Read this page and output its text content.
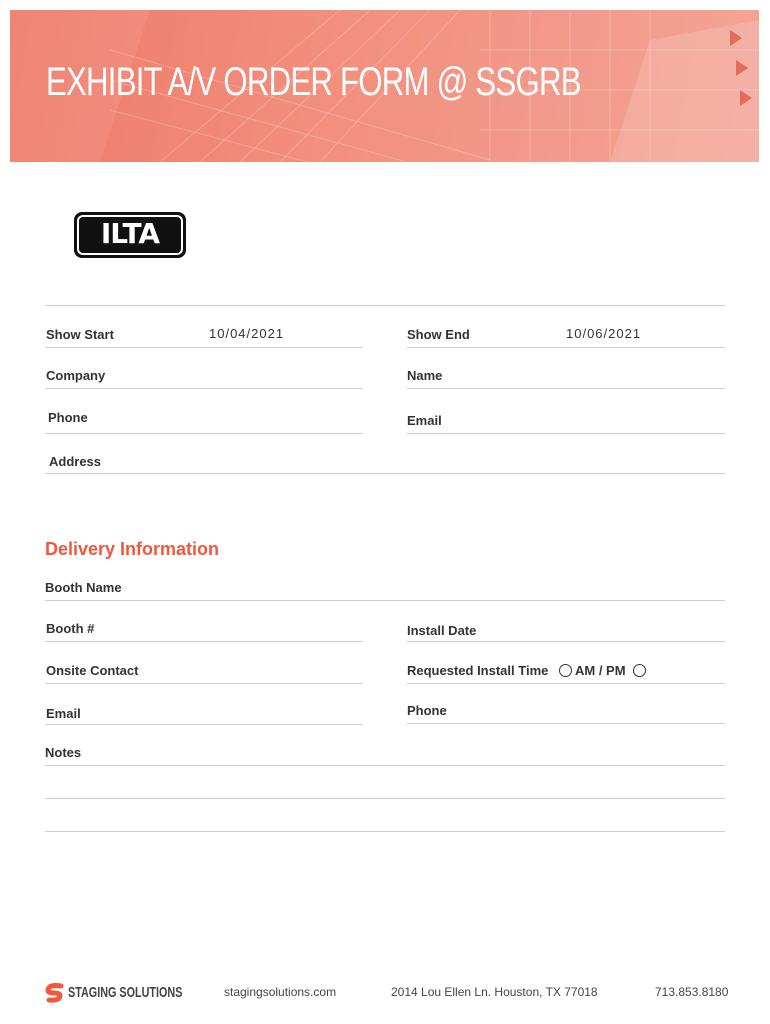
EXHIBIT A/V ORDER FORM @ SSGRB
ILTA
Show Start	10/04/2021	Show End	10/06/2021
Company	Name
Phone	Email
Address
Delivery Information
Booth Name
Booth #	Install Date
Onsite Contact	Requested Install Time AM / PM
Email	Phone
Notes
STAGING SOLUTIONS	stagingsolutions.com	2014 Lou Ellen Ln. Houston, TX 77018	713.853.8180
